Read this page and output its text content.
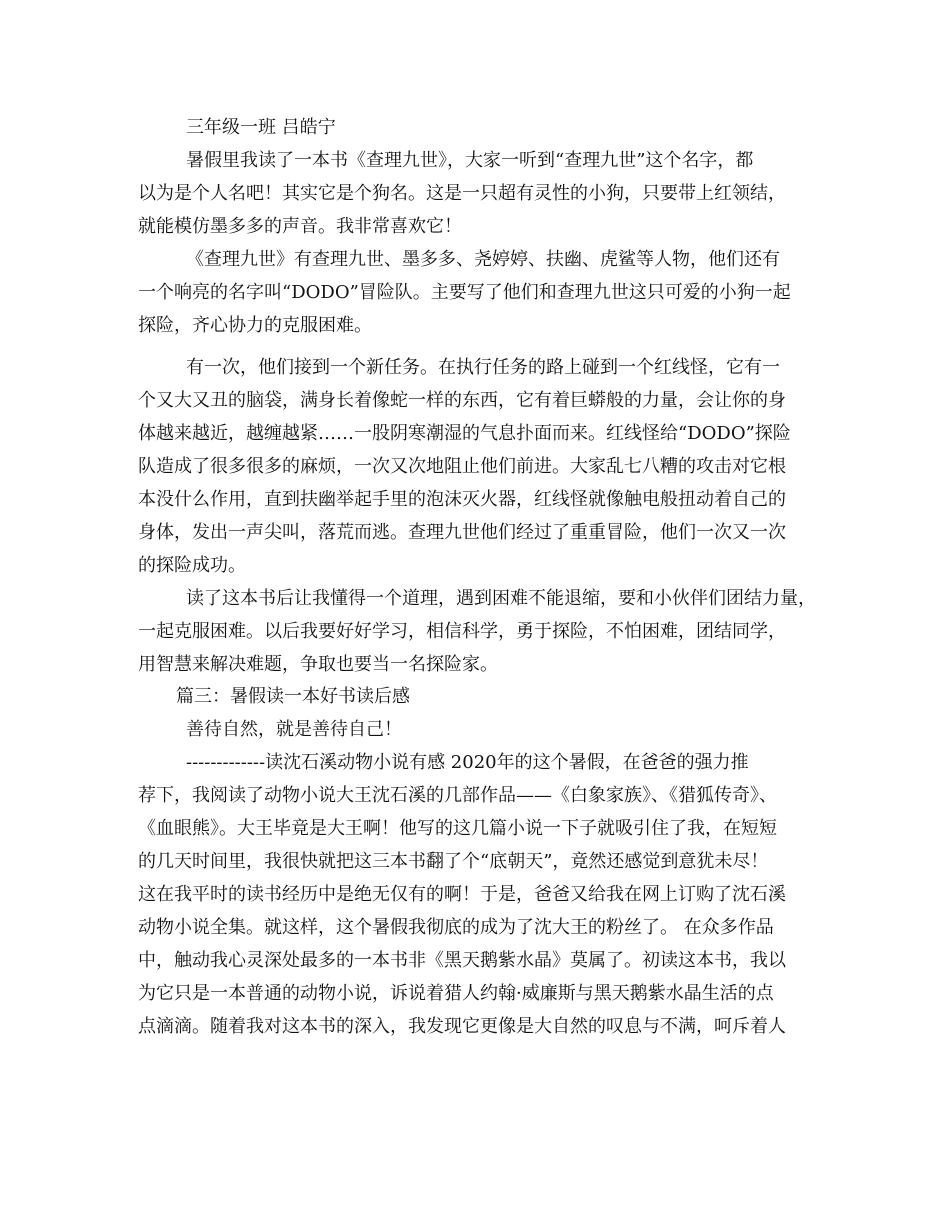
三年级一班 吕皓宁
暑假里我读了一本书《查理九世》，大家一听到“查理九世”这个名字，都
以为是个人名吧！其实它是个狗名。这是一只超有灵性的小狗，只要带上红领结，
就能模仿墨多多的声音。我非常喜欢它！
《查理九世》有查理九世、墨多多、尧婷婷、扶幽、虎鲨等人物，他们还有
一个响亮的名字叫“DODO”冒险队。主要写了他们和查理九世这只可爱的小狗一起
探险，齐心协力的克服困难。
有一次，他们接到一个新任务。在执行任务的路上碰到一个红线怪，它有一
个又大又丑的脑袋，满身长着像蛇一样的东西，它有着巨蟒般的力量，会让你的身
体越来越近，越缠越紧……一股阴寒潮湿的气息扑面而来。红线怪给“DODO”探险
队造成了很多很多的麻烦，一次又次地阻止他们前进。大家乱七八糟的攻击对它根
本没什么作用，直到扶幽举起手里的泡沫灭火器，红线怪就像触电般扭动着自己的
身体，发出一声尖叫，落荒而逃。查理九世他们经过了重重冒险，他们一次又一次
的探险成功。
读了这本书后让我懂得一个道理，遇到困难不能退缩，要和小伙伴们团结力量，
一起克服困难。以后我要好好学习，相信科学，勇于探险，不怕困难，团结同学，
用智慧来解决难题，争取也要当一名探险家。
篇三：暑假读一本好书读后感
善待自然，就是善待自己！
-------------读沈石溪动物小说有感 2020年的这个暑假，在爸爸的强力推
荐下，我阅读了动物小说大王沈石溪的几部作品——《白象家族》、《猎狐传奇》、
《血眼熊》。大王毕竟是大王啊！他写的这几篇小说一下子就吸引住了我，在短短
的几天时间里，我很快就把这三本书翻了个“底朝天”，竟然还感觉到意犹未尽！
这在我平时的读书经历中是绝无仅有的啊！于是，爸爸又给我在网上订购了沈石溪
动物小说全集。就这样，这个暑假我彻底的成为了沈大王的粉丝了。 在众多作品
中，触动我心灵深处最多的一本书非《黑天鹅紫水晶》莫属了。初读这本书，我以
为它只是一本普通的动物小说，诉说着猎人约翰·威廉斯与黑天鹅紫水晶生活的点
点滴滴。随着我对这本书的深入，我发现它更像是大自然的叹息与不满，呵斥着人
